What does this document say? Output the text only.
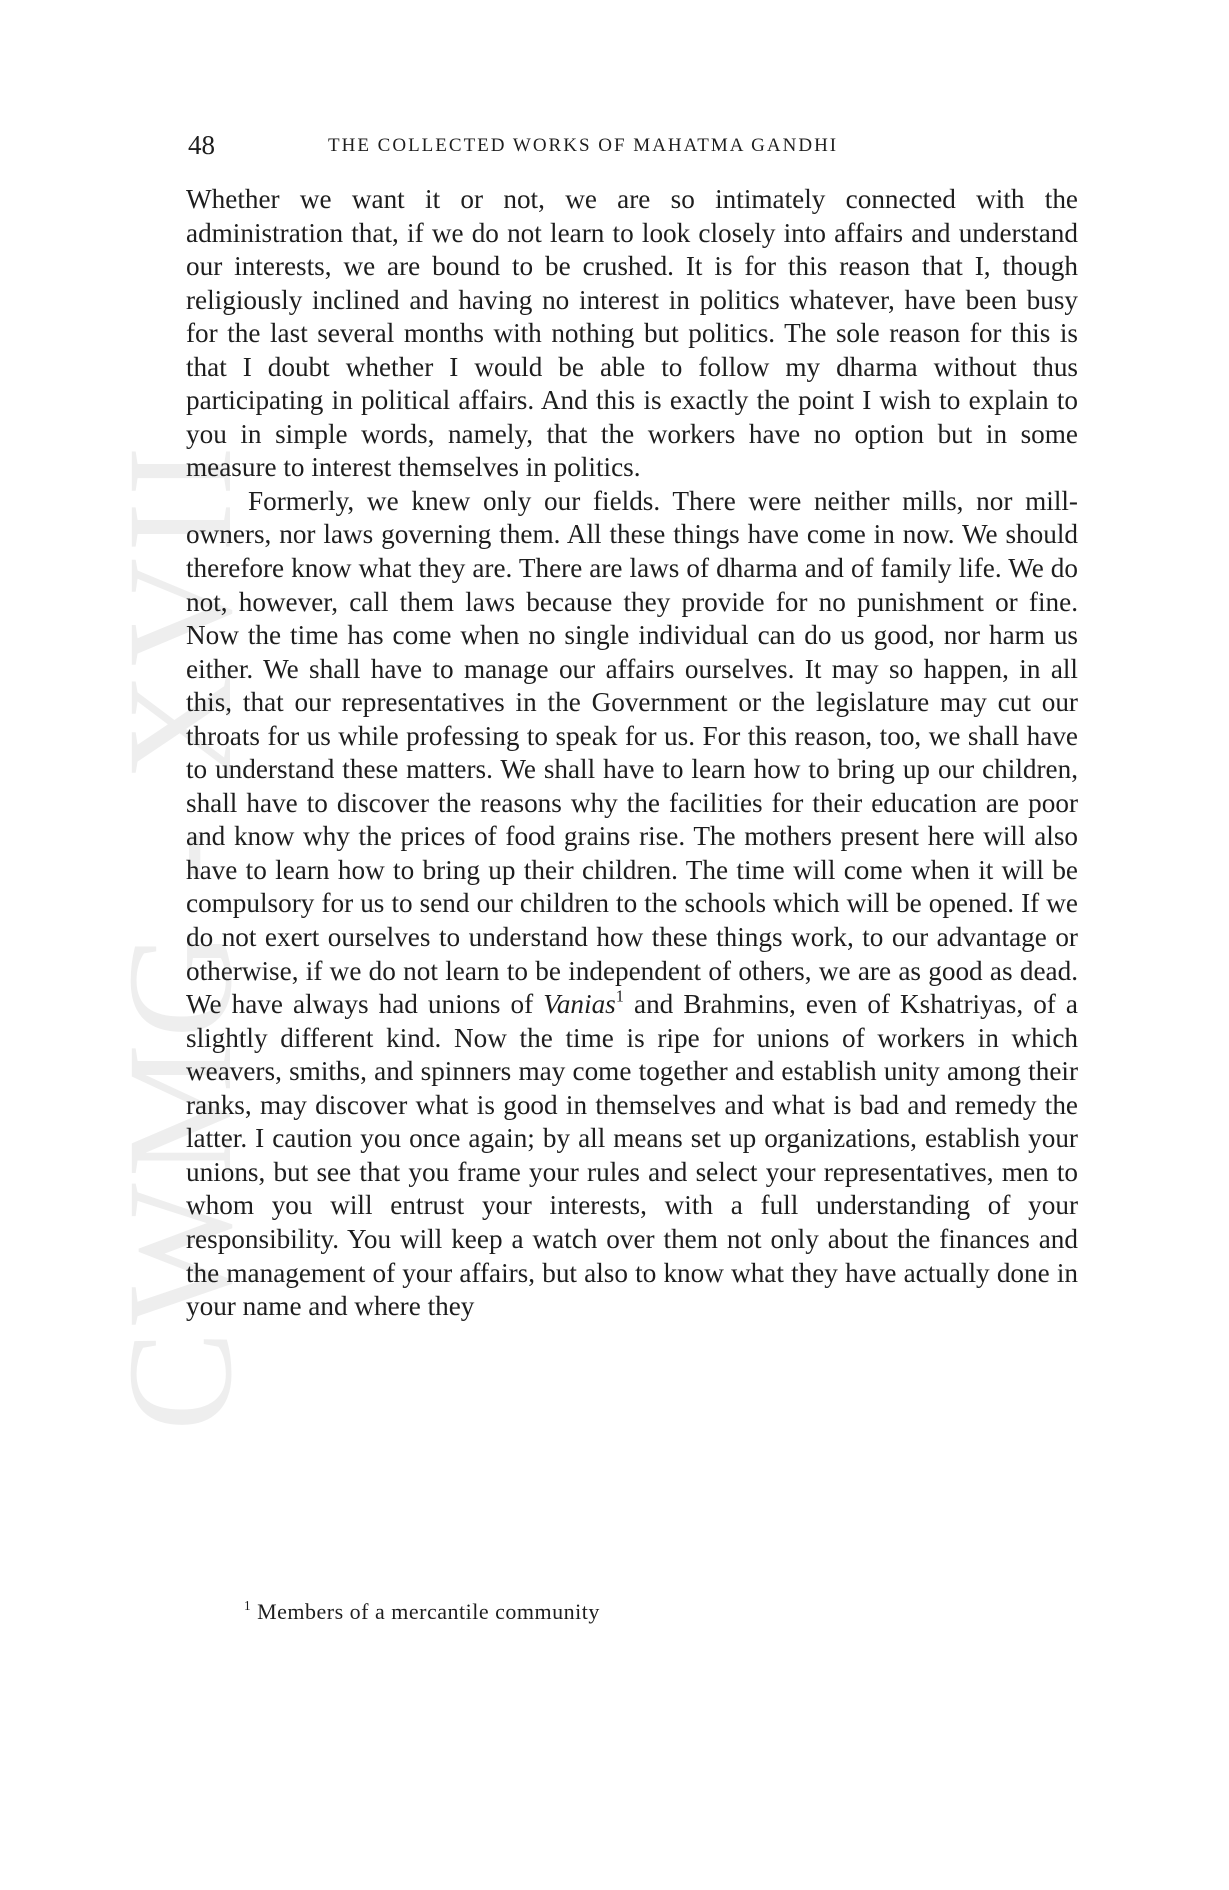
CWMG - XVII
48	THE COLLECTED WORKS OF MAHATMA GANDHI

Whether we want it or not, we are so intimately connected with the administration that, if we do not learn to look closely into affairs and understand our interests, we are bound to be crushed. It is for this reason that I, though religiously inclined and having no interest in politics whatever, have been busy for the last several months with nothing but politics. The sole reason for this is that I doubt whether I would be able to follow my dharma without thus participating in political affairs. And this is exactly the point I wish to explain to you in simple words, namely, that the workers have no option but in some measure to interest themselves in politics.

Formerly, we knew only our fields. There were neither mills, nor mill-owners, nor laws governing them. All these things have come in now. We should therefore know what they are. There are laws of dharma and of family life. We do not, however, call them laws because they provide for no punishment or fine. Now the time has come when no single individual can do us good, nor harm us either. We shall have to manage our affairs ourselves. It may so happen, in all this, that our representatives in the Government or the legislature may cut our throats for us while professing to speak for us. For this reason, too, we shall have to understand these matters. We shall have to learn how to bring up our children, shall have to discover the reasons why the facilities for their education are poor and know why the prices of food grains rise. The mothers present here will also have to learn how to bring up their children. The time will come when it will be compulsory for us to send our children to the schools which will be opened. If we do not exert ourselves to understand how these things work, to our advantage or otherwise, if we do not learn to be independent of others, we are as good as dead. We have always had unions of Vanias$^1$ and Brahmins, even of Kshatriyas, of a slightly different kind. Now the time is ripe for unions of workers in which weavers, smiths, and spinners may come together and establish unity among their ranks, may discover what is good in themselves and what is bad and remedy the latter. I caution you once again; by all means set up organizations, establish your unions, but see that you frame your rules and select your representatives, men to whom you will entrust your interests, with a full understanding of your responsibility. You will keep a watch over them not only about the finances and the management of your affairs, but also to know what they have actually done in your name and where they

$^1$ Members of a mercantile community
